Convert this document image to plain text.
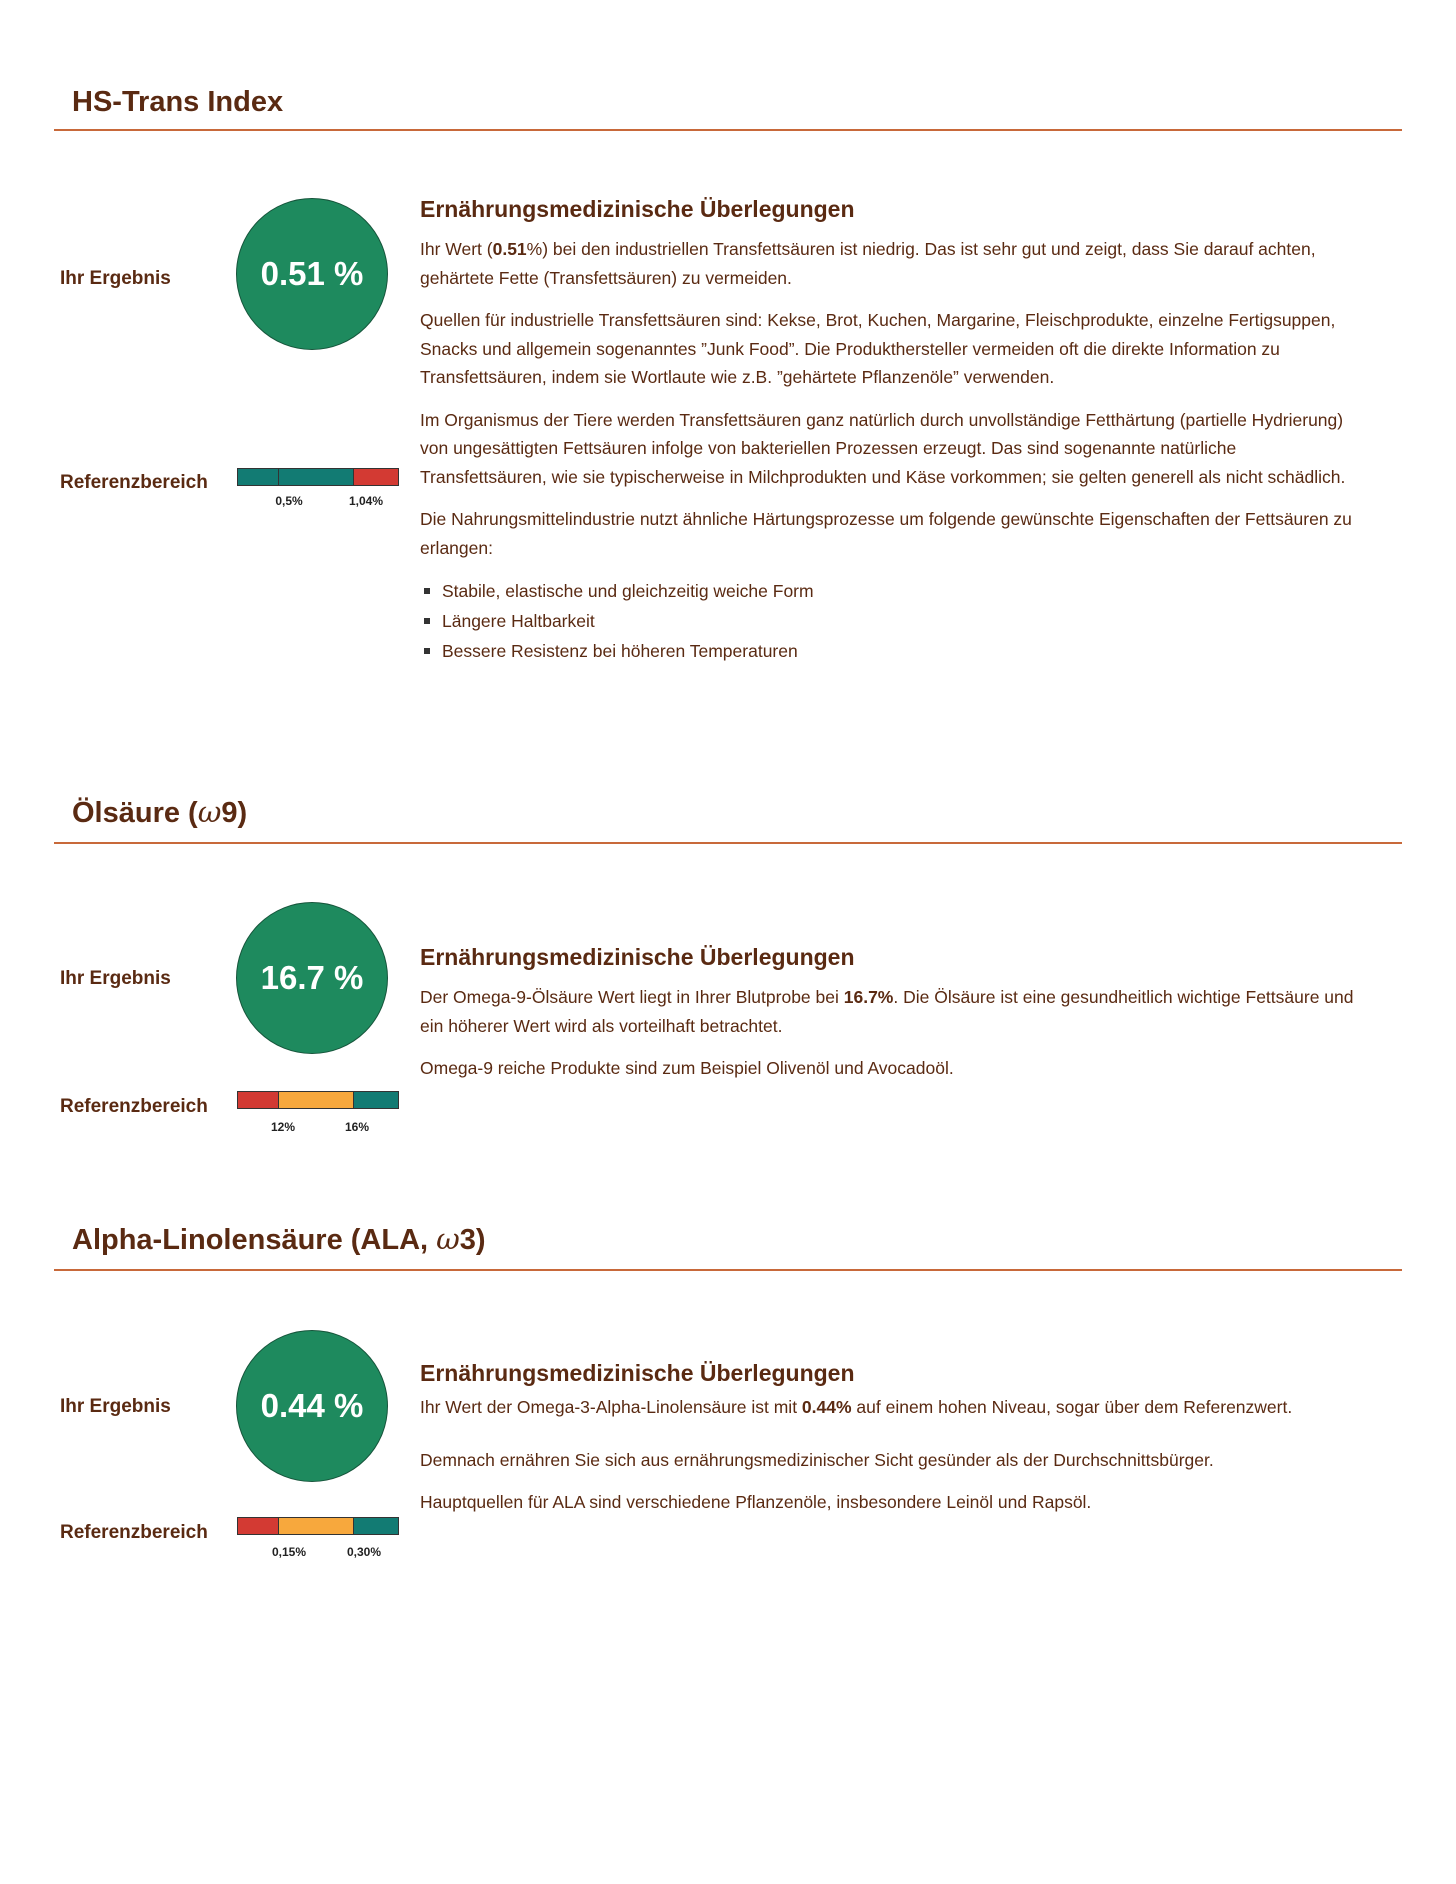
HS-Trans Index
Ihr Ergebnis	0.51 %
Referenzbereich
0,5%	1,04%
Ernährungsmedizinische Überlegungen

Ihr Wert (0.51%) bei den industriellen Transfettsäuren ist niedrig. Das ist sehr gut und zeigt, dass Sie darauf achten, gehärtete Fette (Transfettsäuren) zu vermeiden.

Quellen für industrielle Transfettsäuren sind: Kekse, Brot, Kuchen, Margarine, Fleischprodukte, einzelne Fertigsuppen, Snacks und allgemein sogenanntes ”Junk Food”. Die Produkthersteller vermeiden oft die direkte Information zu Transfettsäuren, indem sie Wortlaute wie z.B. ”gehärtete Pflanzenöle” verwenden.

Im Organismus der Tiere werden Transfettsäuren ganz natürlich durch unvollständige Fetthärtung (partielle Hydrierung) von ungesättigten Fettsäuren infolge von bakteriellen Prozessen erzeugt. Das sind sogenannte natürliche Transfettsäuren, wie sie typischerweise in Milchprodukten und Käse vorkommen; sie gelten generell als nicht schädlich.

Die Nahrungsmittelindustrie nutzt ähnliche Härtungsprozesse um folgende gewünschte Eigenschaften der Fettsäuren zu erlangen:

Stabile, elastische und gleichzeitig weiche Form
Längere Haltbarkeit
Bessere Resistenz bei höheren Temperaturen
Ölsäure (ω9)
Ihr Ergebnis	16.7 %
Referenzbereich
12%	16%
Ernährungsmedizinische Überlegungen

Der Omega-9-Ölsäure Wert liegt in Ihrer Blutprobe bei 16.7%. Die Ölsäure ist eine gesundheitlich wichtige Fettsäure und ein höherer Wert wird als vorteilhaft betrachtet.

Omega-9 reiche Produkte sind zum Beispiel Olivenöl und Avocadoöl.

Alpha-Linolensäure (ALA, ω3)
Ihr Ergebnis	0.44 %
Referenzbereich
0,15%	0,30%
Ernährungsmedizinische Überlegungen

Ihr Wert der Omega-3-Alpha-Linolensäure ist mit 0.44% auf einem hohen Niveau, sogar über dem Referenzwert.

Demnach ernähren Sie sich aus ernährungsmedizinischer Sicht gesünder als der Durchschnittsbürger.

Hauptquellen für ALA sind verschiedene Pflanzenöle, insbesondere Leinöl und Rapsöl.
